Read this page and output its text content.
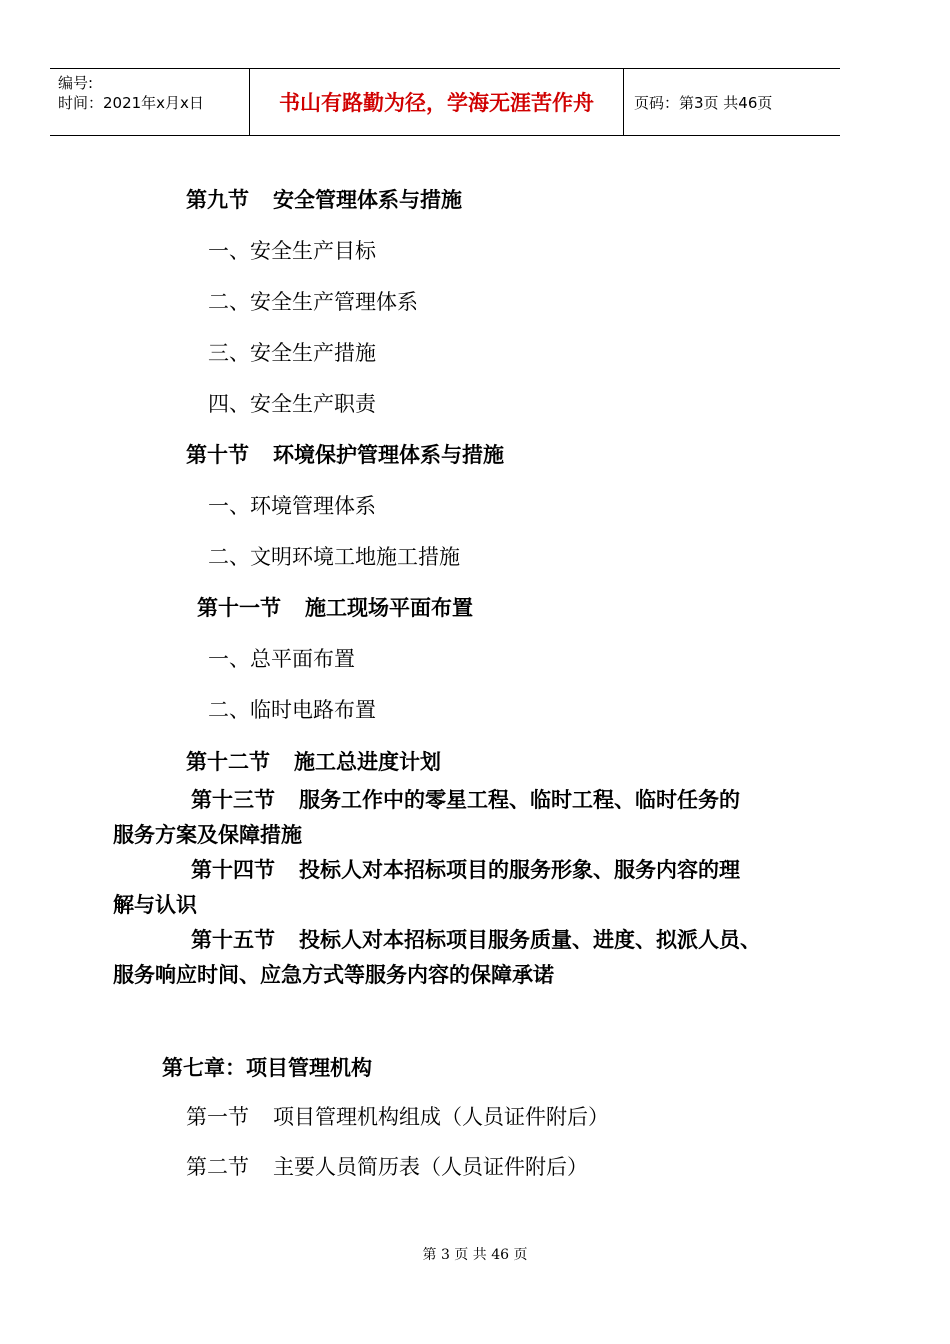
编号:
时间：2021年x月x日	书山有路勤为径，学海无涯苦作舟	页码：第3页 共46页
第九节 安全管理体系与措施
一、安全生产目标
二、安全生产管理体系
三、安全生产措施
四、安全生产职责
第十节 环境保护管理体系与措施
一、环境管理体系
二、文明环境工地施工措施
第十一节 施工现场平面布置
一、总平面布置
二、临时电路布置
第十二节 施工总进度计划
第十三节 服务工作中的零星工程、临时工程、临时任务的
服务方案及保障措施
第十四节 投标人对本招标项目的服务形象、服务内容的理
解与认识
第十五节 投标人对本招标项目服务质量、进度、拟派人员、
服务响应时间、应急方式等服务内容的保障承诺
第七章：项目管理机构
第一节 项目管理机构组成（人员证件附后）
第二节 主要人员简历表（人员证件附后）
第 3 页 共 46 页
